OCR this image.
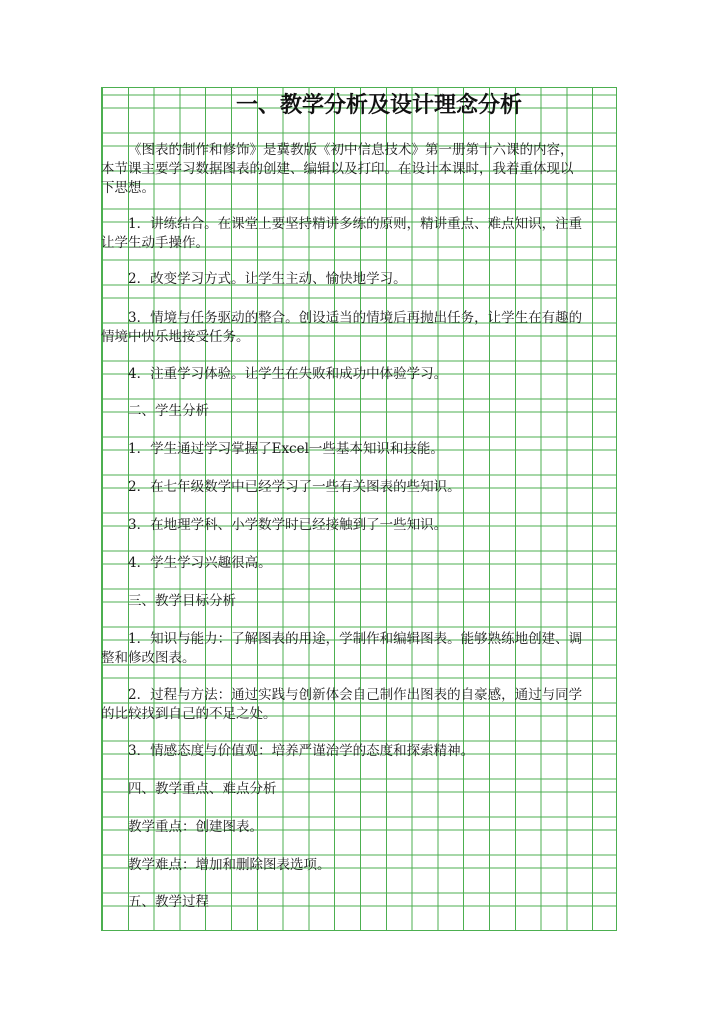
一、教学分析及设计理念分析
《图表的制作和修饰》是冀教版《初中信息技术》第一册第十六课的内容，
本节课主要学习数据图表的创建、编辑以及打印。在设计本课时，我着重体现以
下思想。
1．讲练结合。在课堂上要坚持精讲多练的原则，精讲重点、难点知识，注重
让学生动手操作。
2．改变学习方式。让学生主动、愉快地学习。
3．情境与任务驱动的整合。创设适当的情境后再抛出任务，让学生在有趣的
情境中快乐地接受任务。
4．注重学习体验。让学生在失败和成功中体验学习。
二、学生分析
1．学生通过学习掌握了Excel一些基本知识和技能。
2．在七年级数学中已经学习了一些有关图表的些知识。
3．在地理学科、小学数学时已经接触到了一些知识。
4．学生学习兴趣很高。
三、教学目标分析
1．知识与能力：了解图表的用途，学制作和编辑图表。能够熟练地创建、调
整和修改图表。
2．过程与方法：通过实践与创新体会自己制作出图表的自豪感，通过与同学
的比较找到自己的不足之处。
3．情感态度与价值观：培养严谨治学的态度和探索精神。
四、教学重点、难点分析
教学重点：创建图表。
教学难点：增加和删除图表选项。
五、教学过程
